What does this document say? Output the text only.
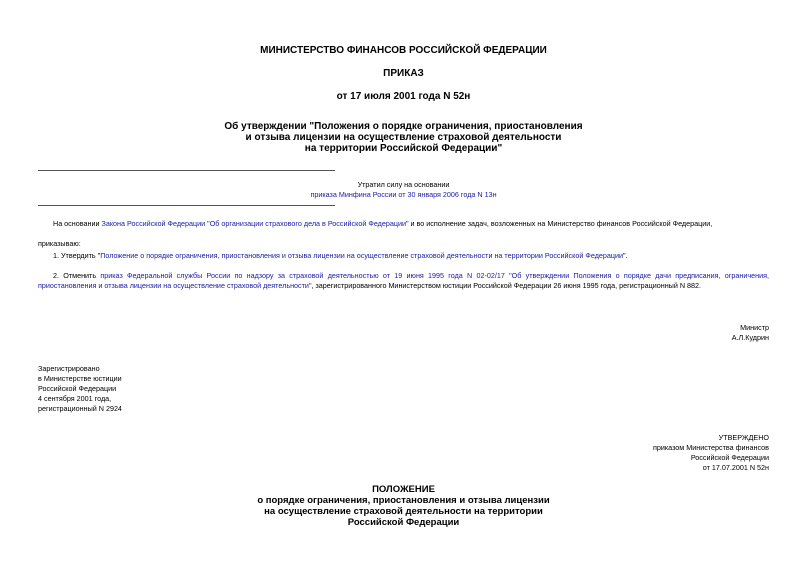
МИНИСТЕРСТВО ФИНАНСОВ РОССИЙСКОЙ ФЕДЕРАЦИИ
ПРИКАЗ
от 17 июля 2001 года N 52н
Об утверждении "Положения о порядке ограничения, приостановления
и отзыва лицензии на осуществление страховой деятельности
на территории Российской Федерации"
Утратил силу на основании
приказа Минфина России от 30 января 2006 года N 13н
На основании Закона Российской Федерации "Об организации страхового дела в Российской Федерации" и во исполнение задач, возложенных на Министерство финансов Российской Федерации,
приказываю:
1. Утвердить "Положение о порядке ограничения, приостановления и отзыва лицензии на осуществление страховой деятельности на территории Российской Федерации".
2. Отменить приказ Федеральной службы России по надзору за страховой деятельностью от 19 июня 1995 года N 02-02/17 "Об утверждении Положения о порядке дачи предписания, ограничения, приостановления и отзыва лицензии на осуществление страховой деятельности", зарегистрированного Министерством юстиции Российской Федерации 26 июня 1995 года, регистрационный N 882.
Министр
А.Л.Кудрин
Зарегистрировано
в Министерстве юстиции
Российской Федерации
4 сентября 2001 года,
регистрационный N 2924
УТВЕРЖДЕНО
приказом Министерства финансов
Российской Федерации
от 17.07.2001 N 52н
ПОЛОЖЕНИЕ
о порядке ограничения, приостановления и отзыва лицензии
на осуществление страховой деятельности на территории
Российской Федерации
